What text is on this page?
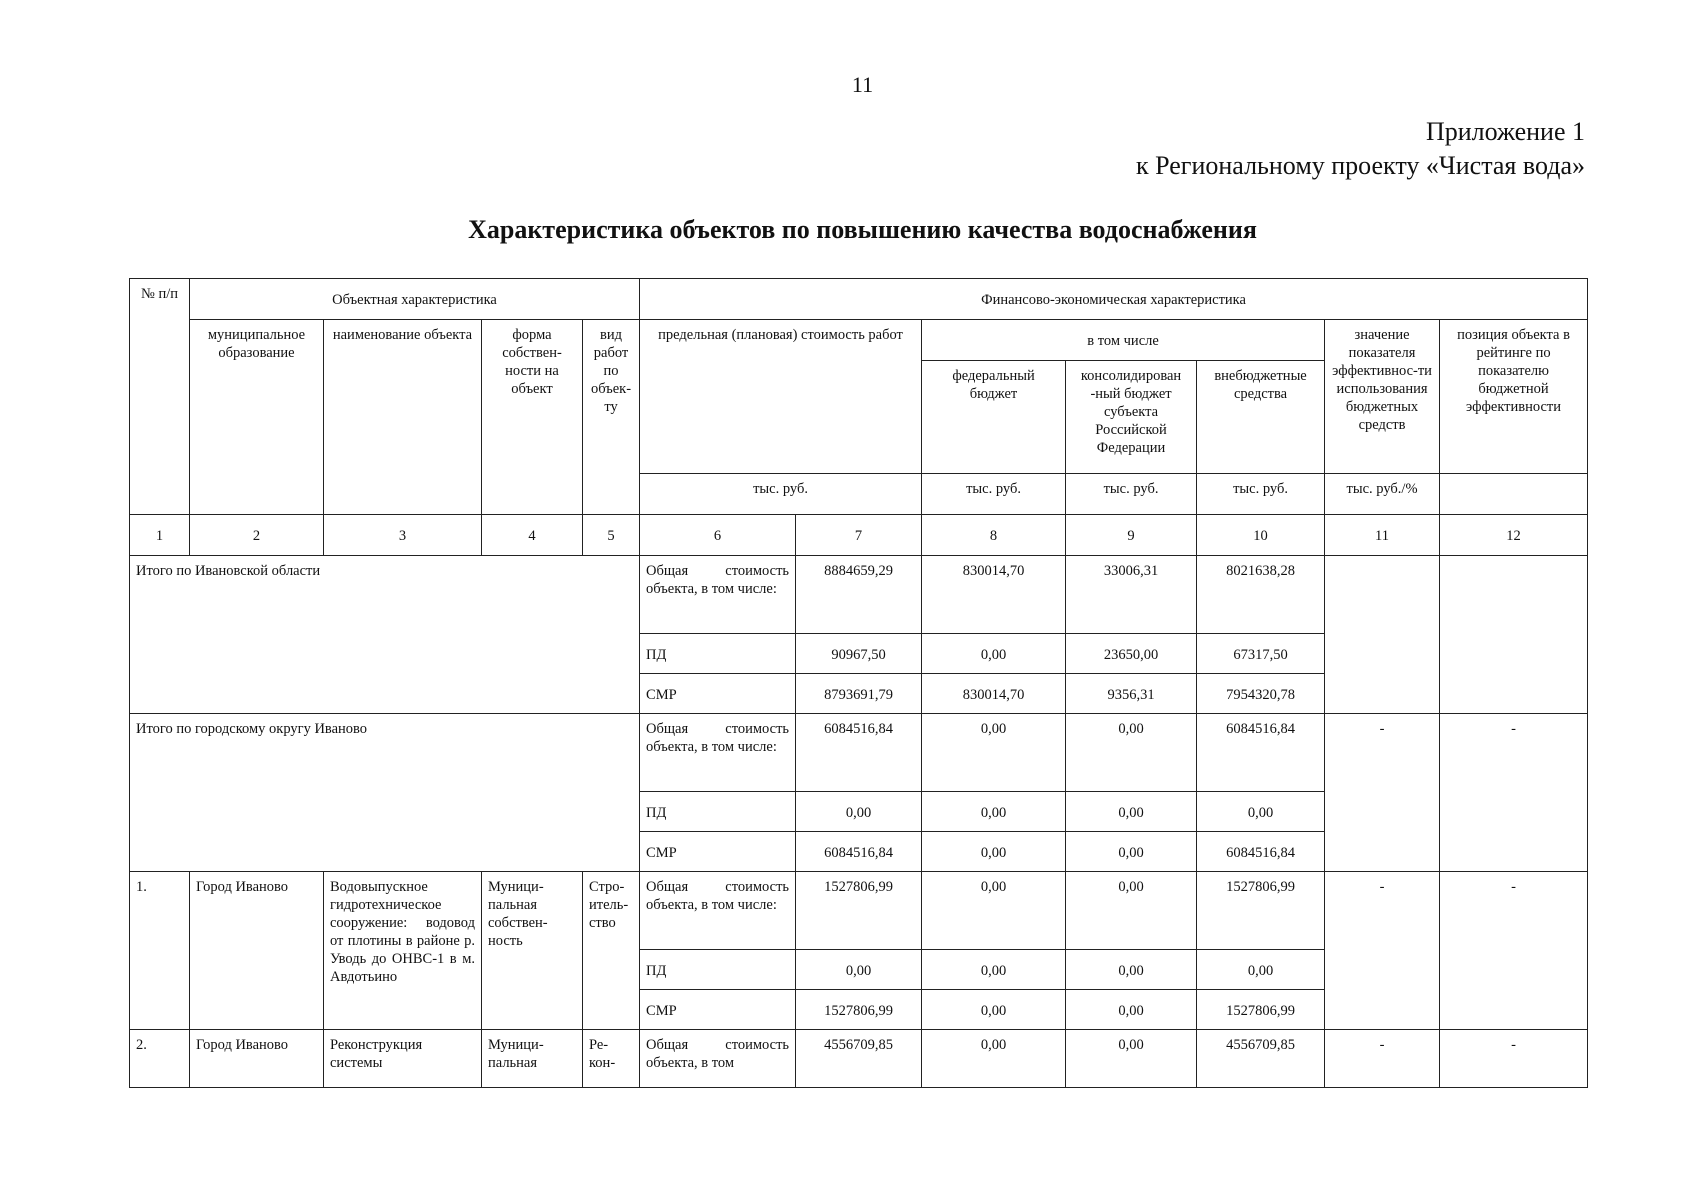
11
Приложение 1
к Региональному проекту «Чистая вода»
Характеристика объектов по повышению качества водоснабжения
№ п/п	Объектная характеристика				Финансово-экономическая характеристика						
	муниципальное образование	наименование объекта	форма собствен-ности на объект	вид работ по объек-ту	предельная (плановая) стоимость работ		в том числе			значение показателя эффективнос-ти использования бюджетных средств	позиция объекта в рейтинге по показателю бюджетной эффективности
							федеральный бюджет	консолидирован -ный бюджет субъекта Российской Федерации	внебюджетные средства		
					тыс. руб.		тыс. руб.	тыс. руб.	тыс. руб.	тыс. руб./%	
1	2	3	4	5	6	7	8	9	10	11	12
Итого по Ивановской области					Общая стоимость объекта, в том числе:	8884659,29	830014,70	33006,31	8021638,28		
					ПД	90967,50	0,00	23650,00	67317,50		
					СМР	8793691,79	830014,70	9356,31	7954320,78		
Итого по городскому округу Иваново					Общая стоимость объекта, в том числе:	6084516,84	0,00	0,00	6084516,84	-	-
					ПД	0,00	0,00	0,00	0,00		
					СМР	6084516,84	0,00	0,00	6084516,84		
1.	Город Иваново	Водовыпускное гидротехническое сооружение: водовод от плотины в районе р. Уводь до ОНВС-1 в м. Авдотьино	Муници-пальная собствен-ность	Стро-итель-ство	Общая стоимость объекта, в том числе:	1527806,99	0,00	0,00	1527806,99	-	-
					ПД	0,00	0,00	0,00	0,00		
					СМР	1527806,99	0,00	0,00	1527806,99		
2.	Город Иваново	Реконструкция системы	Муници-пальная	Ре-кон-	Общая стоимость объекта, в том	4556709,85	0,00	0,00	4556709,85	-	-
